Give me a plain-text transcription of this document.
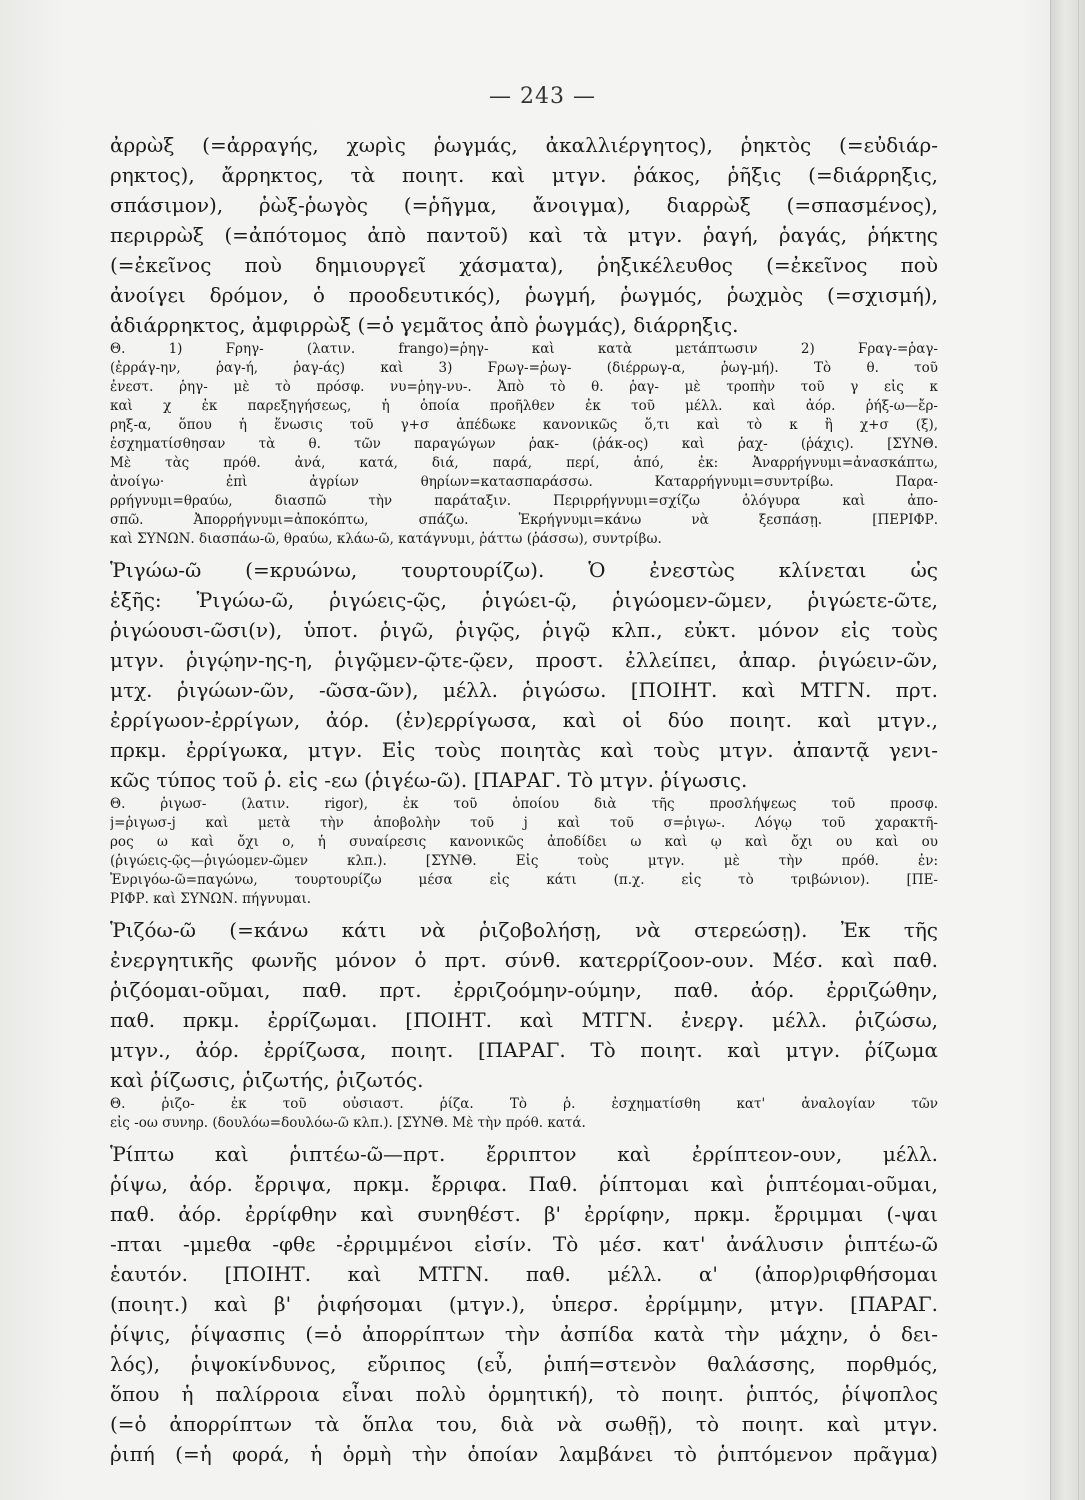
— 243 —
ἀρρὼξ (=ἀρραγής, χωρὶς ῥωγμάς, ἀκαλλιέργητος), ῥηκτὸς (=εὐδιάρ-
ρηκτος), ἄρρηκτος, τὰ ποιητ. καὶ μτγν. ῥάκος, ῥῆξις (=διάρρηξις,
σπάσιμον), ῥὼξ-ῥωγὸς (=ῥῆγμα, ἄνοιγμα), διαρρὼξ (=σπασμένος),
περιρρὼξ (=ἀπότομος ἀπὸ παντοῦ) καὶ τὰ μτγν. ῥαγή, ῥαγάς, ῥήκτης
(=ἐκεῖνος ποὺ δημιουργεῖ χάσματα), ῥηξικέλευθος (=ἐκεῖνος ποὺ
ἀνοίγει δρόμον, ὁ προοδευτικός), ῥωγμή, ῥωγμός, ῥωχμὸς (=σχισμή),
ἀδιάρρηκτος, ἀμφιρρὼξ (=ὁ γεμᾶτος ἀπὸ ῥωγμάς), διάρρηξις.
Θ. 1) Ϝρηγ- (λατιν. frango)=ῥηγ- καὶ κατὰ μετάπτωσιν 2) Ϝραγ-=ῥαγ-
(ἐρράγ-ην, ῥαγ-ή, ῥαγ-άς) καὶ 3) Ϝρωγ-=ῥωγ- (διέρρωγ-α, ῥωγ-μή). Τὸ θ. τοῦ
ἐνεστ. ῥηγ- μὲ τὸ πρόσφ. νυ=ῥηγ-νυ-. Ἀπὸ τὸ θ. ῥαγ- μὲ τροπὴν τοῦ γ εἰς κ
καὶ χ ἐκ παρεξηγήσεως, ἡ ὁποία προῆλθεν ἐκ τοῦ μέλλ. καὶ ἀόρ. ῥήξ-ω—ἔρ-
ρηξ-α, ὅπου ἡ ἕνωσις τοῦ γ+σ ἀπέδωκε κανονικῶς ὅ,τι καὶ τὸ κ ἢ χ+σ (ξ),
ἐσχηματίσθησαν τὰ θ. τῶν παραγώγων ῥακ- (ῥάκ-ος) καὶ ῥαχ- (ῥάχις). [ΣΥΝΘ.
Μὲ τὰς πρόθ. ἀνά, κατά, διά, παρά, περί, ἀπό, ἐκ: Ἀναρρήγνυμι=ἀνασκάπτω,
ἀνοίγω· ἐπὶ ἀγρίων θηρίων=κατασπαράσσω. Καταρρήγνυμι=συντρίβω. Παρα-
ρρήγνυμι=θραύω, διασπῶ τὴν παράταξιν. Περιρρήγνυμι=σχίζω ὁλόγυρα καὶ ἀπο-
σπῶ. Ἀπορρήγνυμι=ἀποκόπτω, σπάζω. Ἐκρήγνυμι=κάνω νὰ ξεσπάσῃ. [ΠΕΡΙΦΡ.
καὶ ΣΥΝΩΝ. διασπάω-ῶ, θραύω, κλάω-ῶ, κατάγνυμι, ῥάττω (ῥάσσω), συντρίβω.
Ῥιγώω-ῶ (=κρυώνω, τουρτουρίζω). Ὁ ἐνεστὼς κλίνεται ὡς
ἑξῆς: Ῥιγώω-ῶ, ῥιγώεις-ῷς, ῥιγώει-ῷ, ῥιγώομεν-ῶμεν, ῥιγώετε-ῶτε,
ῥιγώουσι-ῶσι(ν), ὑποτ. ῥιγῶ, ῥιγῷς, ῥιγῷ κλπ., εὐκτ. μόνον εἰς τοὺς
μτγν. ῥιγῴην-ης-η, ῥιγῷμεν-ῷτε-ῷεν, προστ. ἐλλείπει, ἀπαρ. ῥιγώειν-ῶν,
μτχ. ῥιγώων-ῶν, -ῶσα-ῶν), μέλλ. ῥιγώσω. [ΠΟΙΗΤ. καὶ ΜΤΓΝ. πρτ.
ἐρρίγωον-ἐρρίγων, ἀόρ. (ἐν)ερρίγωσα, καὶ οἱ δύο ποιητ. καὶ μτγν.,
πρκμ. ἐρρίγωκα, μτγν. Εἰς τοὺς ποιητὰς καὶ τοὺς μτγν. ἀπαντᾷ γενι-
κῶς τύπος τοῦ ῥ. εἰς -εω (ῥιγέω-ῶ). [ΠΑΡΑΓ. Τὸ μτγν. ῥίγωσις.
Θ. ῥιγωσ- (λατιν. rigor), ἐκ τοῦ ὁποίου διὰ τῆς προσλήψεως τοῦ προσφ.
j=ῥιγωσ-j καὶ μετὰ τὴν ἀποβολὴν τοῦ j καὶ τοῦ σ=ῥιγω-. Λόγῳ τοῦ χαρακτῆ-
ρος ω καὶ ὄχι ο, ἡ συναίρεσις κανονικῶς ἀποδίδει ω καὶ ῳ καὶ ὄχι ου καὶ ου
(ῥιγώεις-ῷς—ῥιγώομεν-ῶμεν κλπ.). [ΣΥΝΘ. Εἰς τοὺς μτγν. μὲ τὴν πρόθ. ἐν:
Ἐνριγόω-ῶ=παγώνω, τουρτουρίζω μέσα εἰς κάτι (π.χ. εἰς τὸ τριβώνιον). [ΠΕ-
ΡΙΦΡ. καὶ ΣΥΝΩΝ. πήγνυμαι.
Ῥιζόω-ῶ (=κάνω κάτι νὰ ῥιζοβολήσῃ, νὰ στερεώσῃ). Ἐκ τῆς
ἐνεργητικῆς φωνῆς μόνον ὁ πρτ. σύνθ. κατερρίζοον-ουν. Μέσ. καὶ παθ.
ῥιζόομαι-οῦμαι, παθ. πρτ. ἐρριζοόμην-ούμην, παθ. ἀόρ. ἐρριζώθην,
παθ. πρκμ. ἐρρίζωμαι. [ΠΟΙΗΤ. καὶ ΜΤΓΝ. ἐνεργ. μέλλ. ῥιζώσω,
μτγν., ἀόρ. ἐρρίζωσα, ποιητ. [ΠΑΡΑΓ. Τὸ ποιητ. καὶ μτγν. ῥίζωμα
καὶ ῥίζωσις, ῥιζωτής, ῥιζωτός.
Θ. ῥιζο- ἐκ τοῦ οὐσιαστ. ῥίζα. Τὸ ῥ. ἐσχηματίσθη κατ' ἀναλογίαν τῶν
εἰς -οω συνηρ. (δουλόω=δουλόω-ῶ κλπ.). [ΣΥΝΘ. Μὲ τὴν πρόθ. κατά.
Ῥίπτω καὶ ῥιπτέω-ῶ—πρτ. ἔρριπτον καὶ ἐρρίπτεον-ουν, μέλλ.
ῥίψω, ἀόρ. ἔρριψα, πρκμ. ἔρριφα. Παθ. ῥίπτομαι καὶ ῥιπτέομαι-οῦμαι,
παθ. ἀόρ. ἐρρίφθην καὶ συνηθέστ. β' ἐρρίφην, πρκμ. ἔρριμμαι (-ψαι
-πται -μμεθα -φθε -ἐρριμμένοι εἰσίν. Τὸ μέσ. κατ' ἀνάλυσιν ῥιπτέω-ῶ
ἑαυτόν. [ΠΟΙΗΤ. καὶ ΜΤΓΝ. παθ. μέλλ. α' (ἀπορ)ριφθήσομαι
(ποιητ.) καὶ β' ῥιφήσομαι (μτγν.), ὑπερσ. ἐρρίμμην, μτγν. [ΠΑΡΑΓ.
ῥίψις, ῥίψασπις (=ὁ ἀπορρίπτων τὴν ἀσπίδα κατὰ τὴν μάχην, ὁ δει-
λός), ῥιψοκίνδυνος, εὔριπος (εὖ, ῥιπή=στενὸν θαλάσσης, πορθμός,
ὅπου ἡ παλίρροια εἶναι πολὺ ὁρμητική), τὸ ποιητ. ῥιπτός, ῥίψοπλος
(=ὁ ἀπορρίπτων τὰ ὅπλα του, διὰ νὰ σωθῇ), τὸ ποιητ. καὶ μτγν.
ῥιπή (=ἡ φορά, ἡ ὁρμὴ τὴν ὁποίαν λαμβάνει τὸ ῥιπτόμενον πρᾶγμα)
